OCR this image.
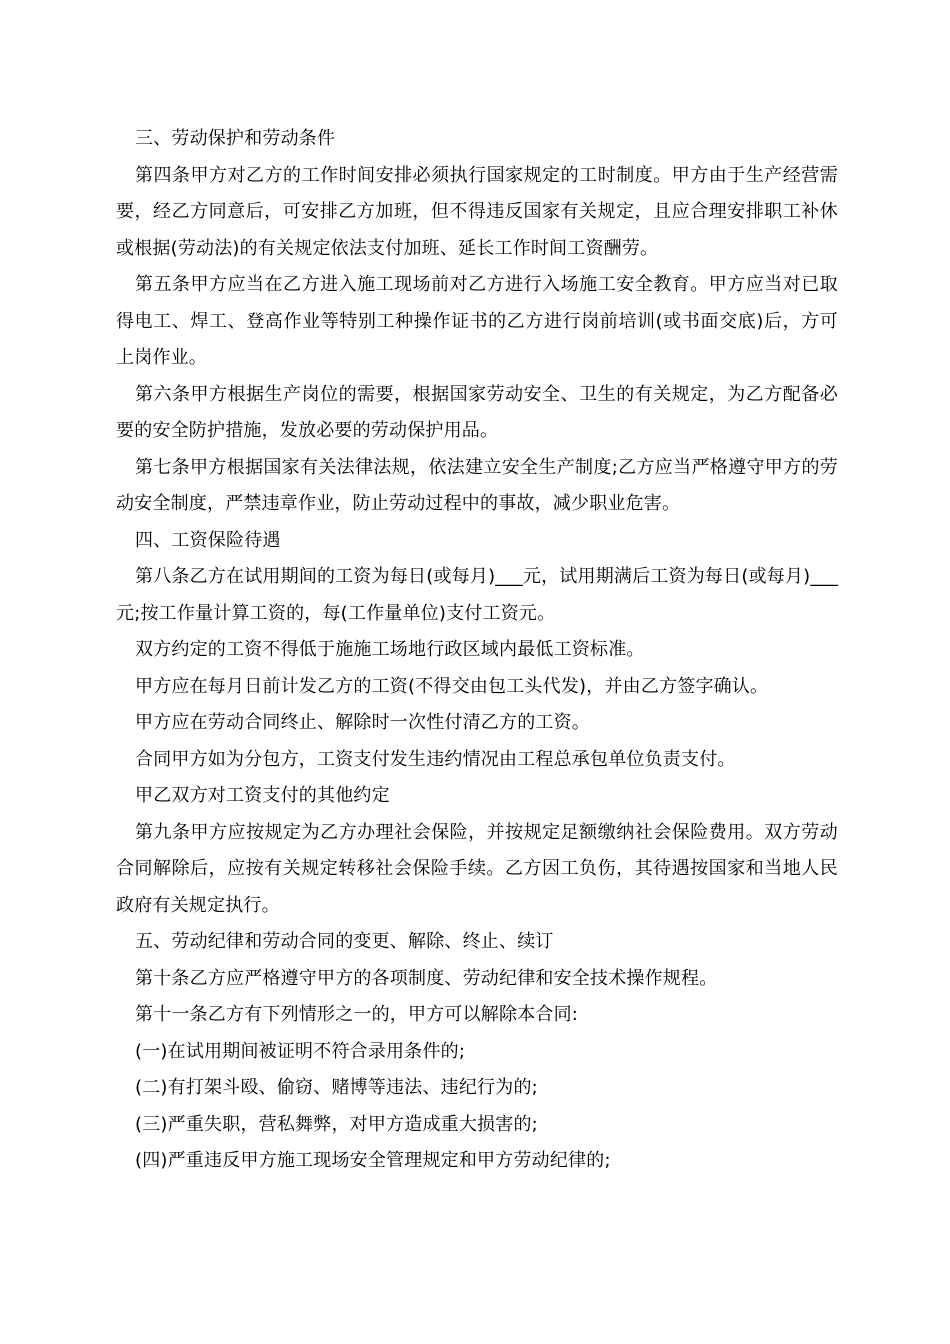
三、劳动保护和劳动条件

第四条甲方对乙方的工作时间安排必须执行国家规定的工时制度。甲方由于生产经营需要，经乙方同意后，可安排乙方加班，但不得违反国家有关规定，且应合理安排职工补休或根据(劳动法)的有关规定依法支付加班、延长工作时间工资酬劳。

第五条甲方应当在乙方进入施工现场前对乙方进行入场施工安全教育。甲方应当对已取得电工、焊工、登高作业等特别工种操作证书的乙方进行岗前培训(或书面交底)后，方可上岗作业。

第六条甲方根据生产岗位的需要，根据国家劳动安全、卫生的有关规定，为乙方配备必要的安全防护措施，发放必要的劳动保护用品。

第七条甲方根据国家有关法律法规，依法建立安全生产制度;乙方应当严格遵守甲方的劳动安全制度，严禁违章作业，防止劳动过程中的事故，减少职业危害。

四、工资保险待遇

第八条乙方在试用期间的工资为每日(或每月)___元，试用期满后工资为每日(或每月)___元;按工作量计算工资的，每(工作量单位)支付工资元。

双方约定的工资不得低于施施工场地行政区域内最低工资标准。

甲方应在每月日前计发乙方的工资(不得交由包工头代发)，并由乙方签字确认。

甲方应在劳动合同终止、解除时一次性付清乙方的工资。

合同甲方如为分包方，工资支付发生违约情况由工程总承包单位负责支付。

甲乙双方对工资支付的其他约定

第九条甲方应按规定为乙方办理社会保险，并按规定足额缴纳社会保险费用。双方劳动合同解除后，应按有关规定转移社会保险手续。乙方因工负伤，其待遇按国家和当地人民政府有关规定执行。

五、劳动纪律和劳动合同的变更、解除、终止、续订

第十条乙方应严格遵守甲方的各项制度、劳动纪律和安全技术操作规程。

第十一条乙方有下列情形之一的，甲方可以解除本合同:

(一)在试用期间被证明不符合录用条件的;

(二)有打架斗殴、偷窃、赌博等违法、违纪行为的;

(三)严重失职，营私舞弊，对甲方造成重大损害的;

(四)严重违反甲方施工现场安全管理规定和甲方劳动纪律的;
